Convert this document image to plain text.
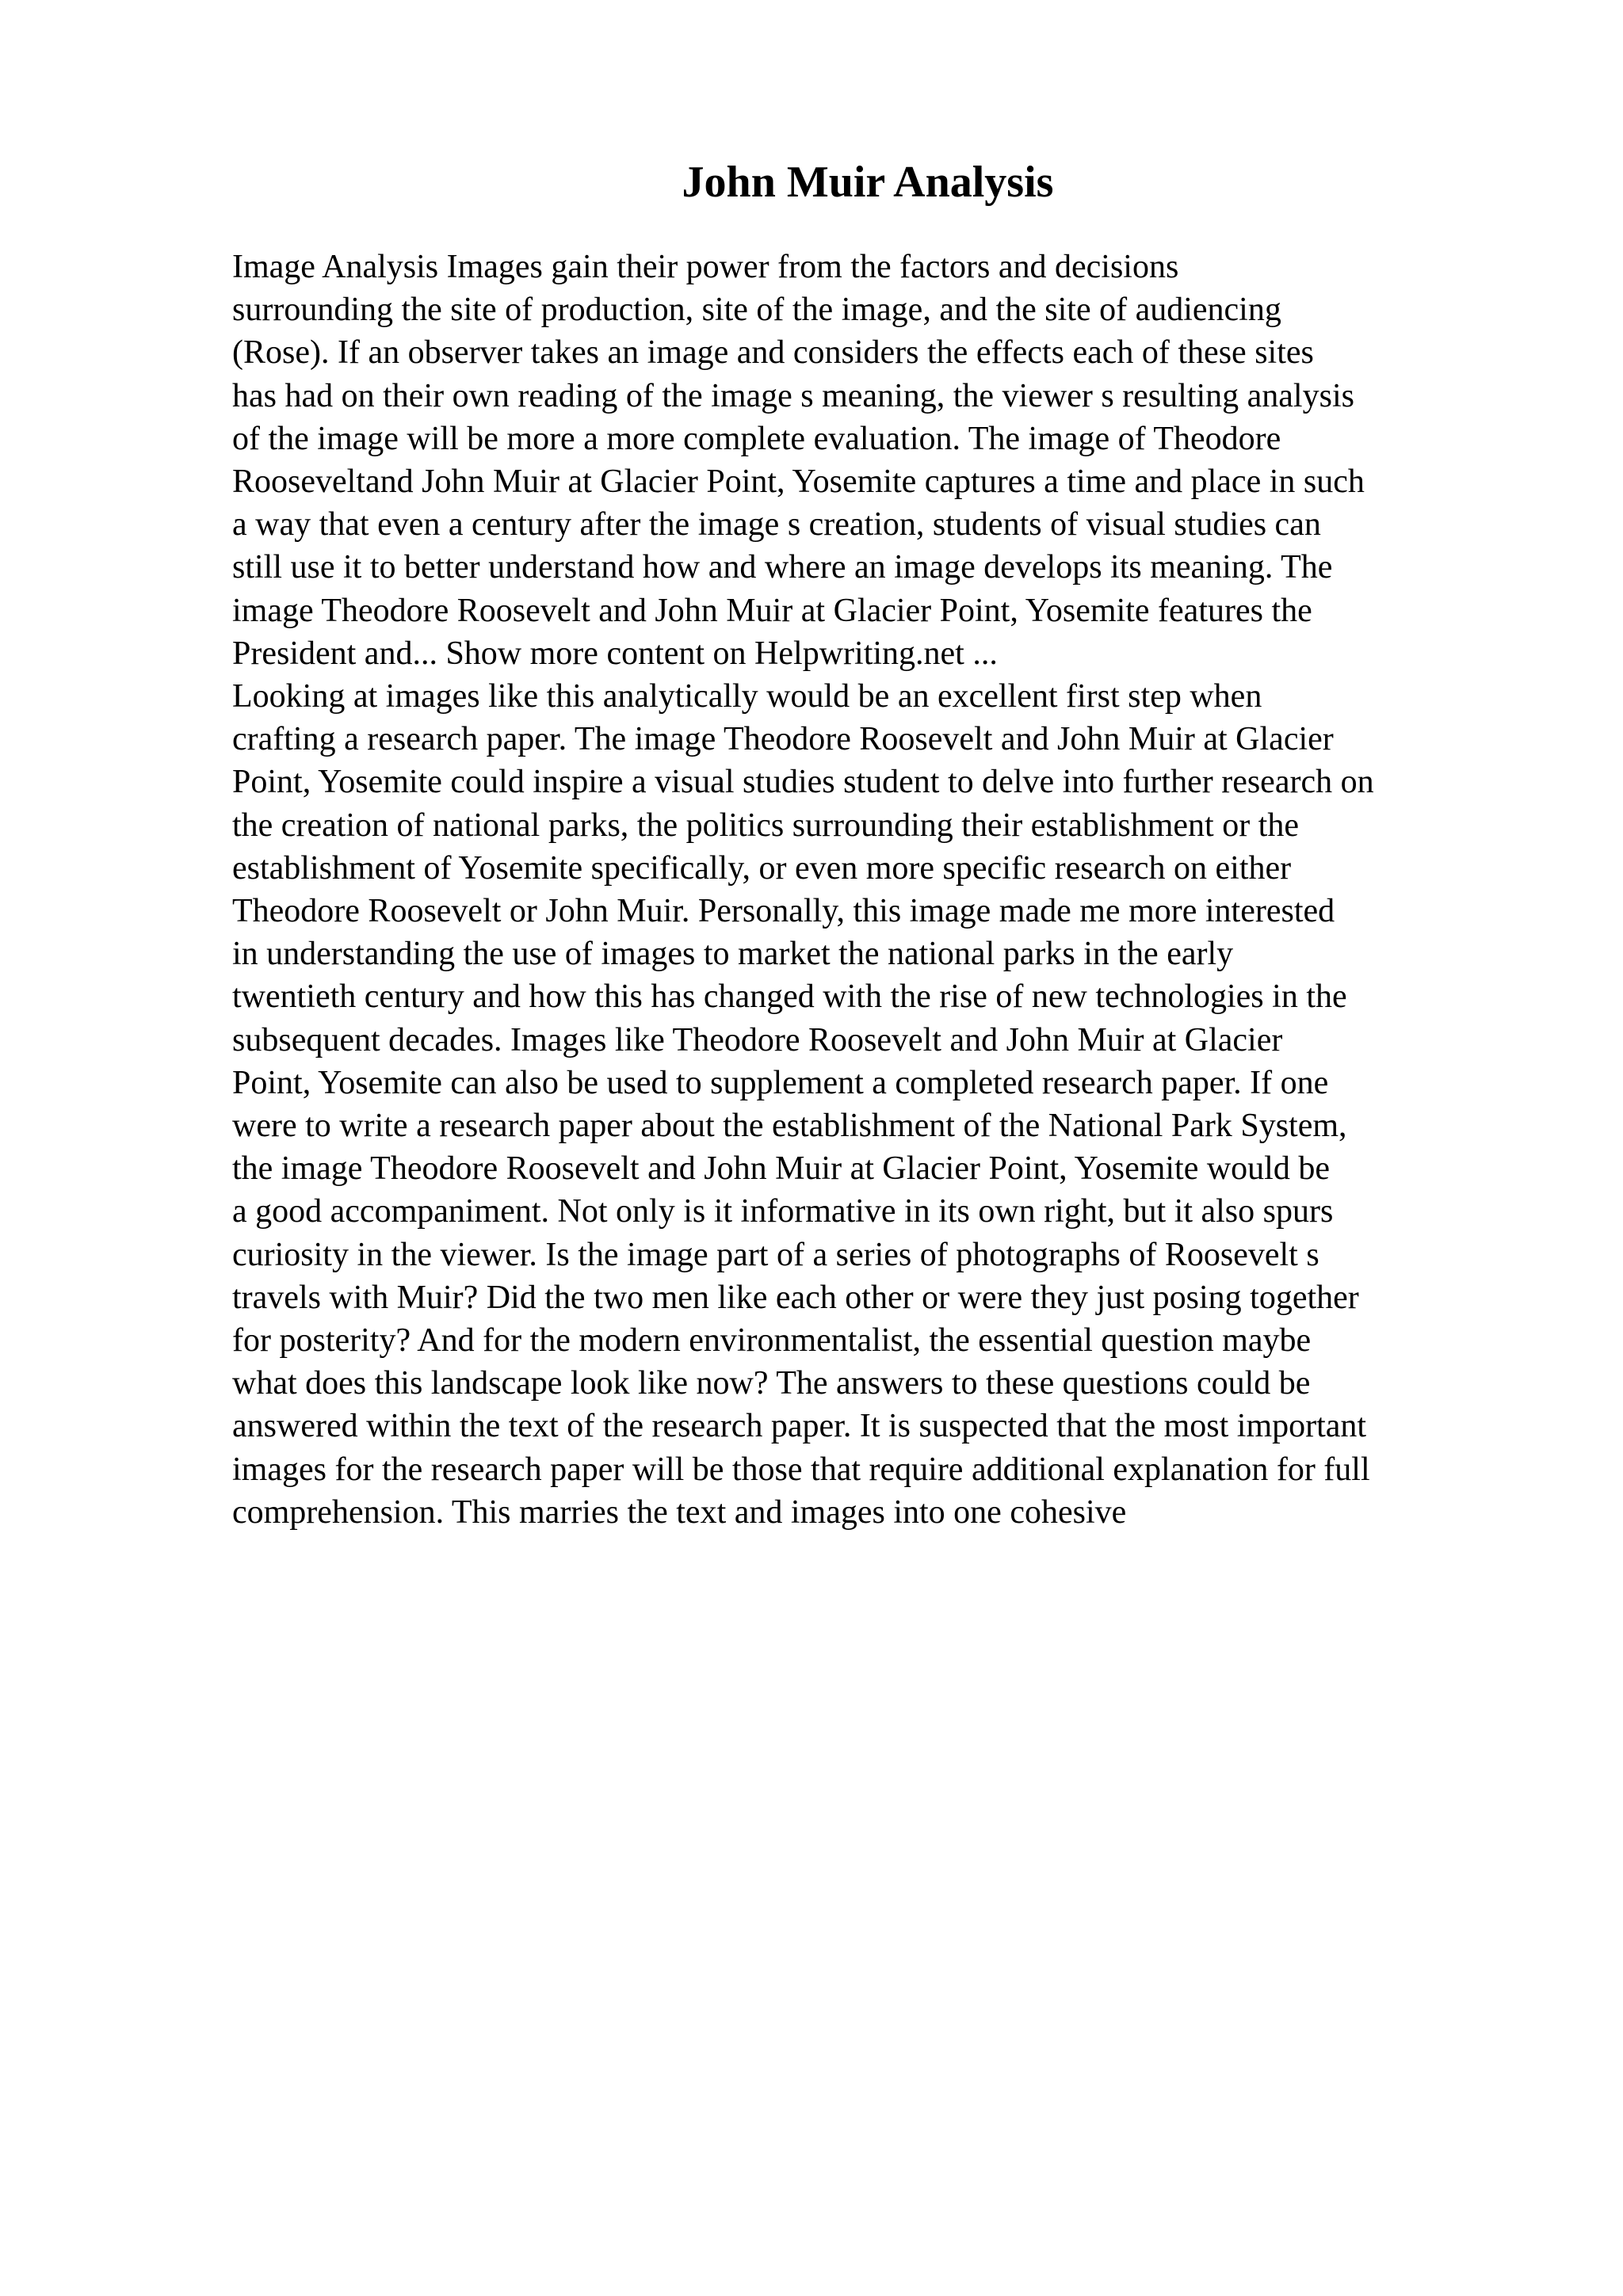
John Muir Analysis
Image Analysis Images gain their power from the factors and decisions
surrounding the site of production, site of the image, and the site of audiencing
(Rose). If an observer takes an image and considers the effects each of these sites
has had on their own reading of the image s meaning, the viewer s resulting analysis
of the image will be more a more complete evaluation. The image of Theodore
Rooseveltand John Muir at Glacier Point, Yosemite captures a time and place in such
a way that even a century after the image s creation, students of visual studies can
still use it to better understand how and where an image develops its meaning. The
image Theodore Roosevelt and John Muir at Glacier Point, Yosemite features the
President and... Show more content on Helpwriting.net ...
Looking at images like this analytically would be an excellent first step when
crafting a research paper. The image Theodore Roosevelt and John Muir at Glacier
Point, Yosemite could inspire a visual studies student to delve into further research on
the creation of national parks, the politics surrounding their establishment or the
establishment of Yosemite specifically, or even more specific research on either
Theodore Roosevelt or John Muir. Personally, this image made me more interested
in understanding the use of images to market the national parks in the early
twentieth century and how this has changed with the rise of new technologies in the
subsequent decades. Images like Theodore Roosevelt and John Muir at Glacier
Point, Yosemite can also be used to supplement a completed research paper. If one
were to write a research paper about the establishment of the National Park System,
the image Theodore Roosevelt and John Muir at Glacier Point, Yosemite would be
a good accompaniment. Not only is it informative in its own right, but it also spurs
curiosity in the viewer. Is the image part of a series of photographs of Roosevelt s
travels with Muir? Did the two men like each other or were they just posing together
for posterity? And for the modern environmentalist, the essential question maybe
what does this landscape look like now? The answers to these questions could be
answered within the text of the research paper. It is suspected that the most important
images for the research paper will be those that require additional explanation for full
comprehension. This marries the text and images into one cohesive
